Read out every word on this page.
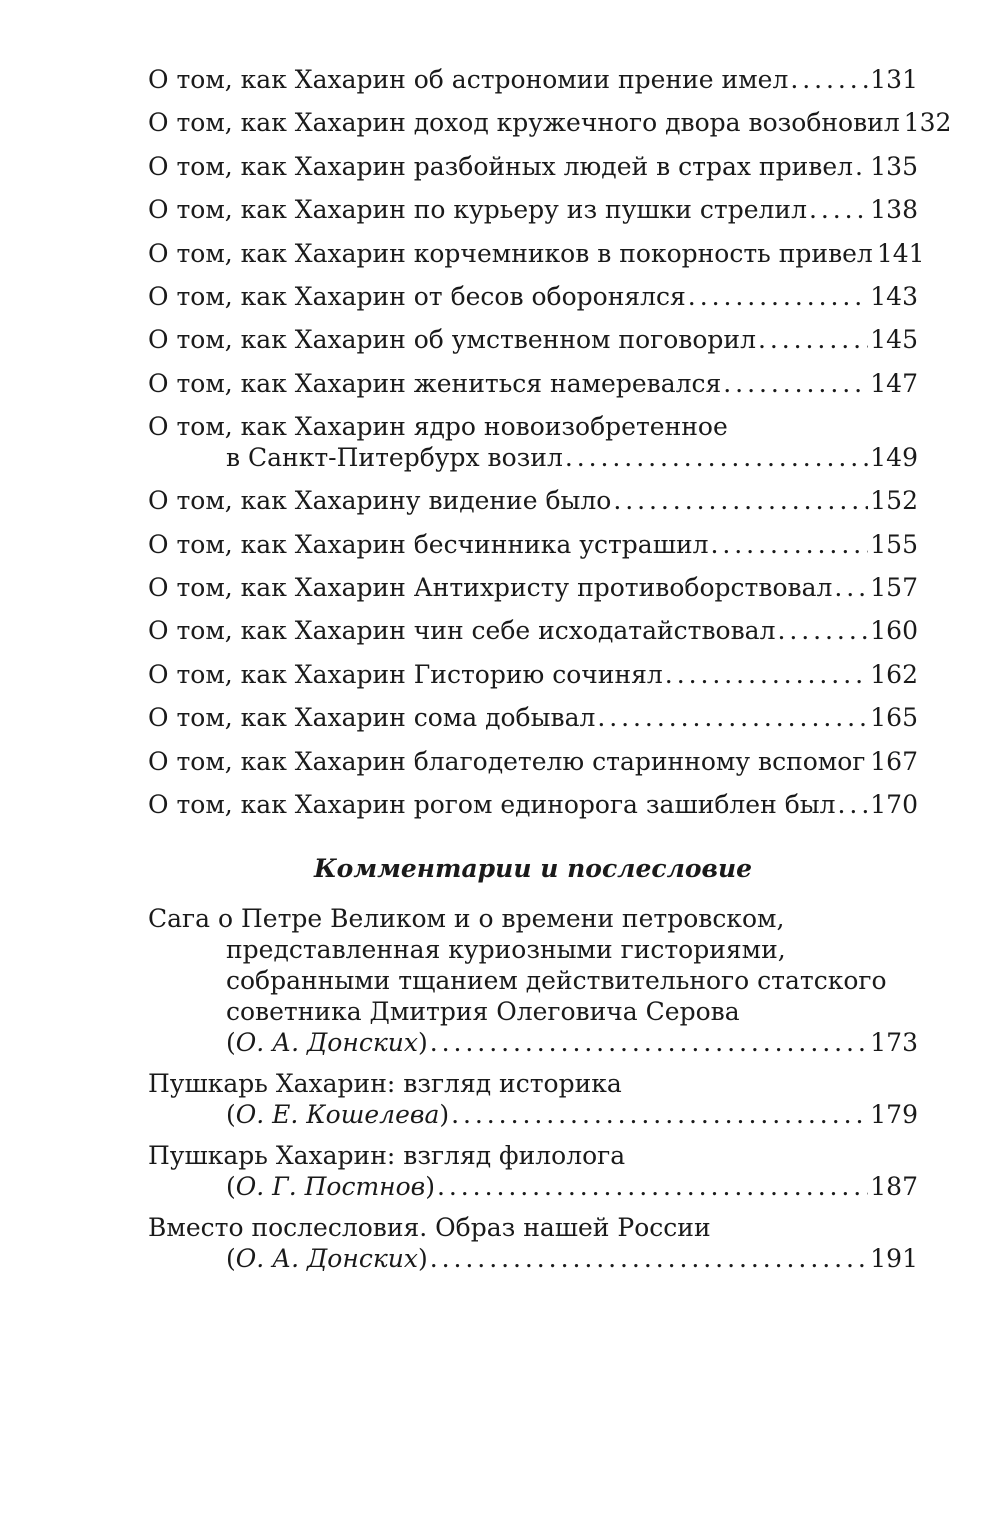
О том, как Хахарин об астрономии прение имел . . .	131
О том, как Хахарин доход кружечного двора возобновил 132
О том, как Хахарин разбойных людей в страх привел . . . 135
О том, как Хахарин по курьеру из пушки стрелил . . .	138
О том, как Хахарин корчемников в покорность привел 141
О том, как Хахарин от бесов оборонялся . . .	143
О том, как Хахарин об умственном поговорил . . .	145
О том, как Хахарин жениться намеревался . . .	147
О том, как Хахарин ядро новоизобретенное
в Санкт-Питербурх возил . . .	149
О том, как Хахарину видение было . . .	152
О том, как Хахарин бесчинника устрашил . . .	155
О том, как Хахарин Антихристу противоборствовал . . . 157
О том, как Хахарин чин себе исходатайствовал . . .	160
О том, как Хахарин Гисторию сочинял . . .	162
О том, как Хахарин сома добывал . . .	165
О том, как Хахарин благодетелю старинному вспомог . . . 167
О том, как Хахарин рогом единорога зашиблен был . . . 170
Комментарии и послесловие
Сага о Петре Великом и о времени петровском,
представленная куриозными гисториями,
собранными тщанием действительного статского
советника Дмитрия Олеговича Серова
(О. А. Донских) . . .	173
Пушкарь Хахарин: взгляд историка
(О. Е. Кошелева) . . .	179
Пушкарь Хахарин: взгляд филолога
(О. Г. Постнов) . . .	187
Вместо послесловия. Образ нашей России
(О. А. Донских) . . .	191
